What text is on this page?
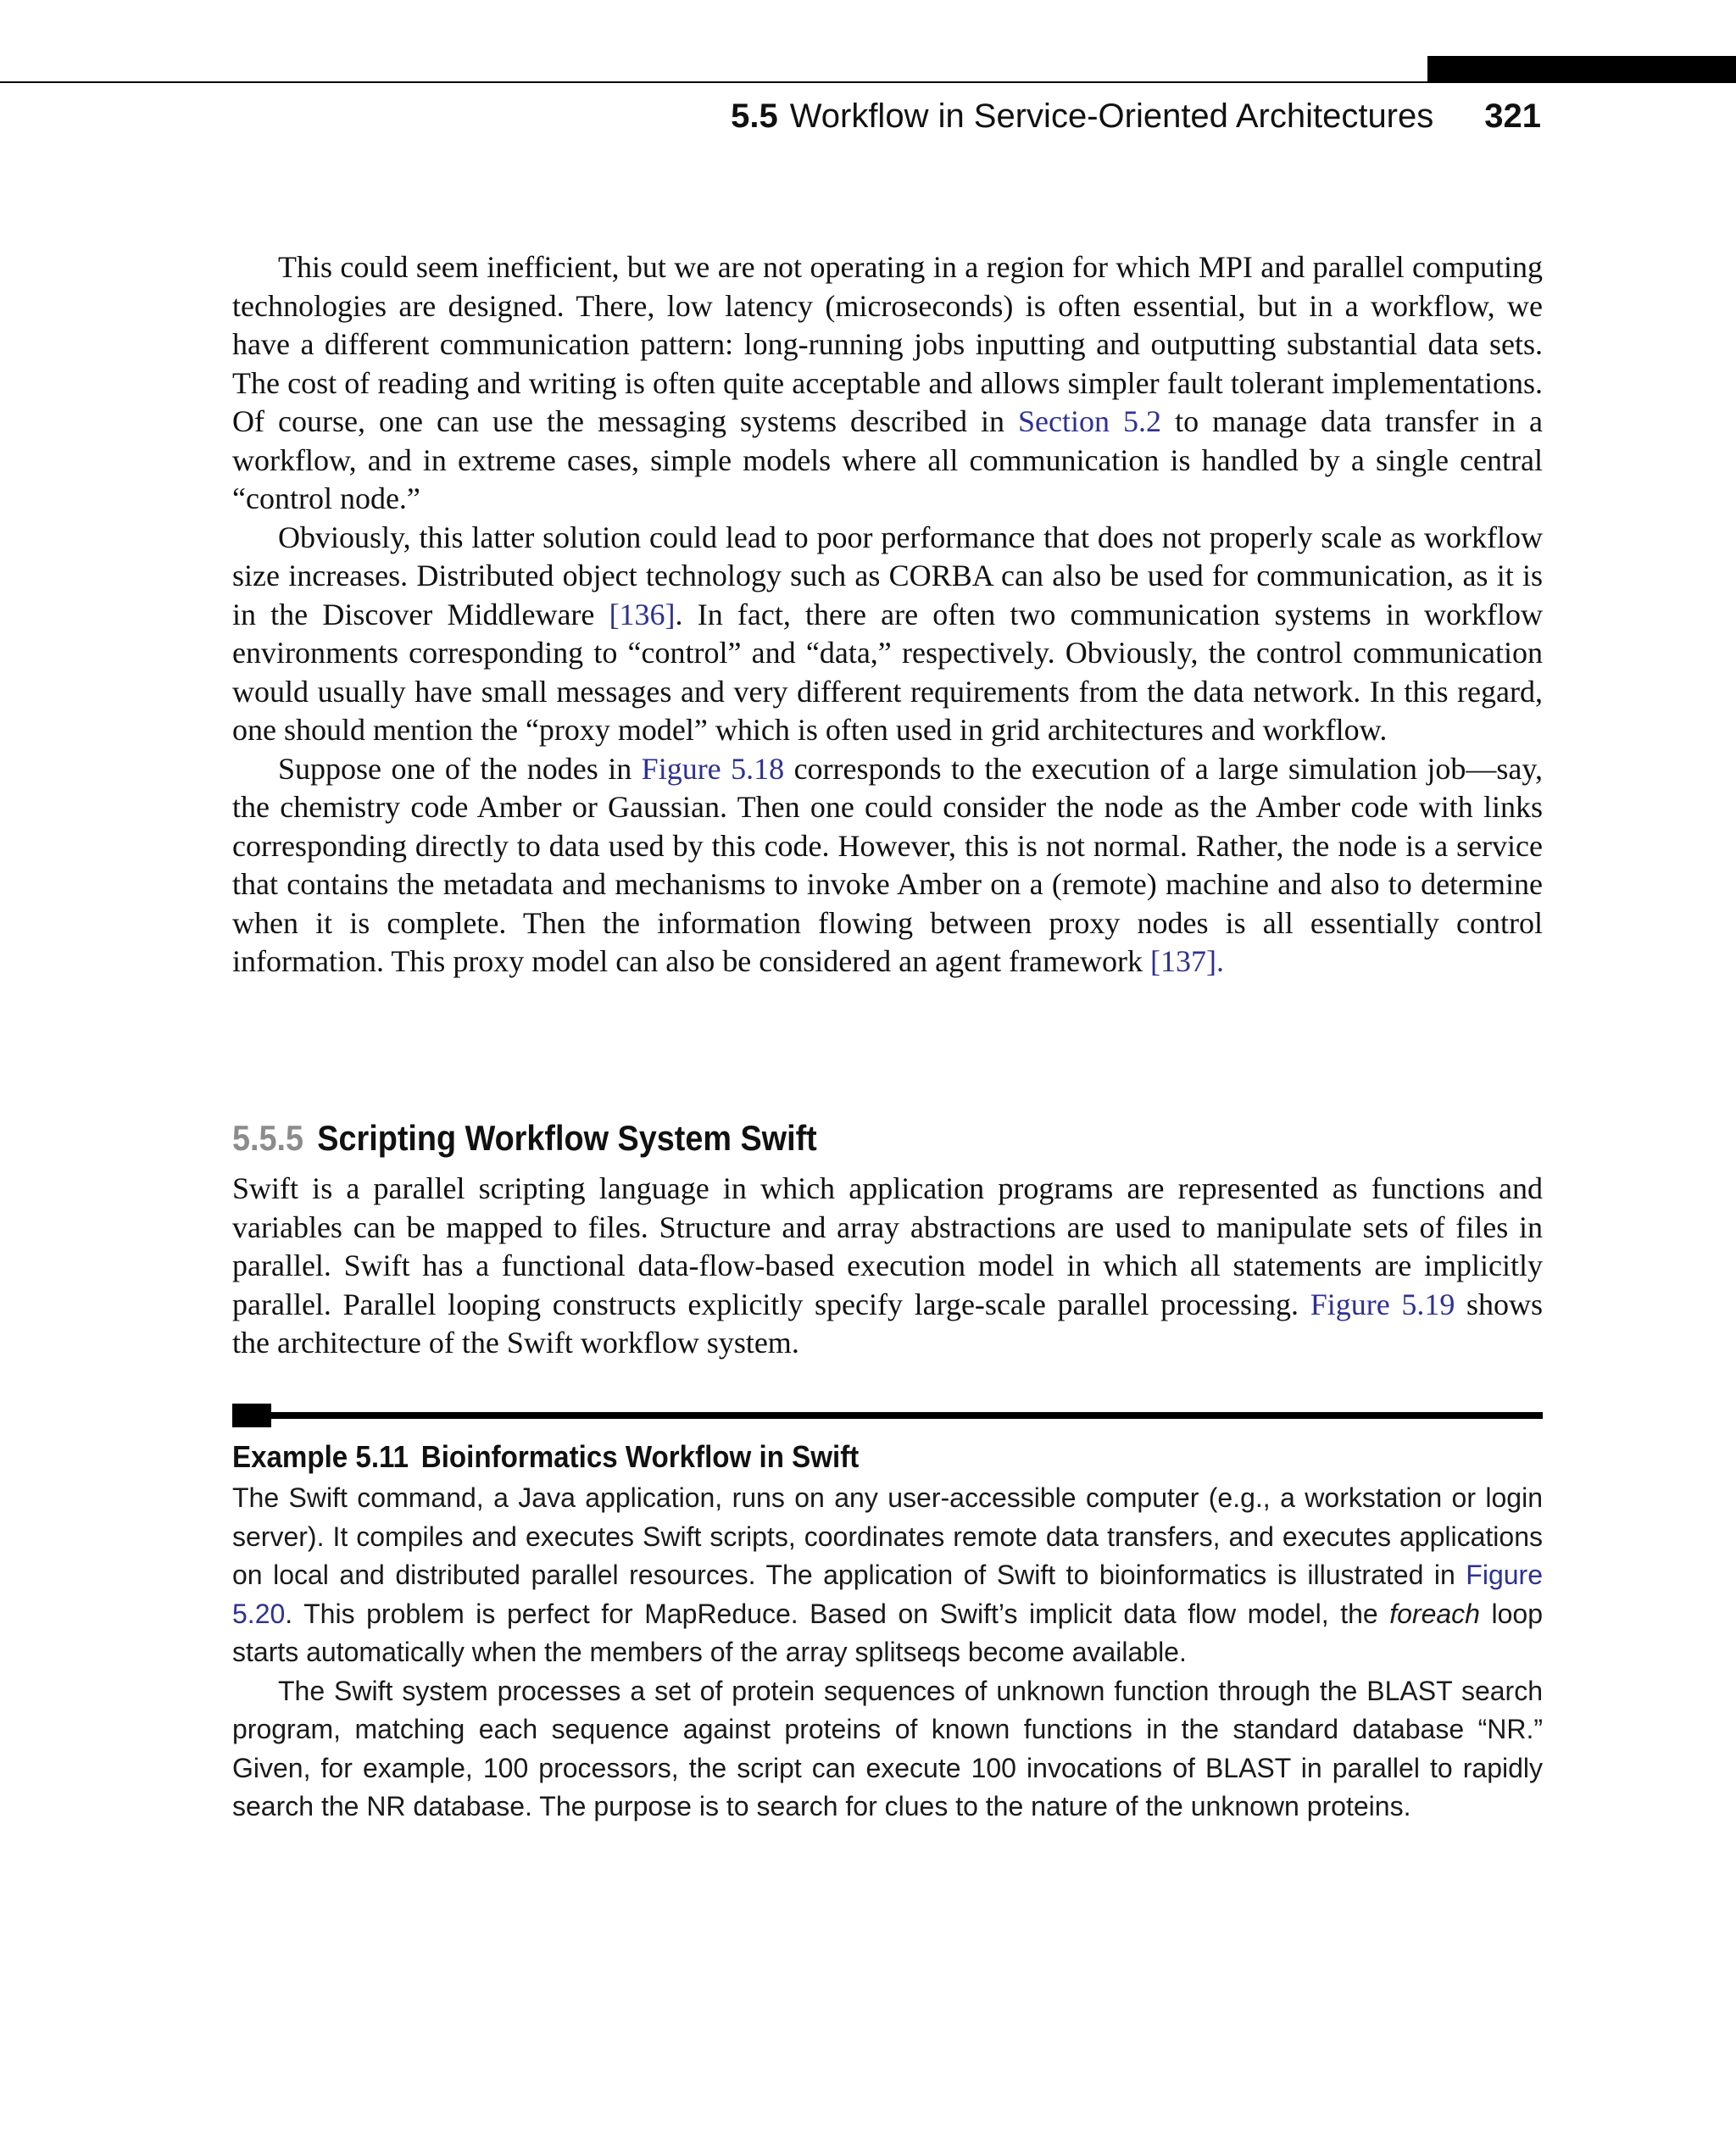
5.5 Workflow in Service-Oriented Architectures 321

This could seem inefficient, but we are not operating in a region for which MPI and parallel computing technologies are designed. There, low latency (microseconds) is often essential, but in a workflow, we have a different communication pattern: long-running jobs inputting and outputting substantial data sets. The cost of reading and writing is often quite acceptable and allows simpler fault tolerant implementations. Of course, one can use the messaging systems described in Section 5.2 to manage data transfer in a workflow, and in extreme cases, simple models where all communication is handled by a single central “control node.”

Obviously, this latter solution could lead to poor performance that does not properly scale as workflow size increases. Distributed object technology such as CORBA can also be used for communication, as it is in the Discover Middleware [136]. In fact, there are often two communication systems in workflow environments corresponding to “control” and “data,” respectively. Obviously, the control communication would usually have small messages and very different requirements from the data network. In this regard, one should mention the “proxy model” which is often used in grid architectures and workflow.

Suppose one of the nodes in Figure 5.18 corresponds to the execution of a large simulation job—say, the chemistry code Amber or Gaussian. Then one could consider the node as the Amber code with links corresponding directly to data used by this code. However, this is not normal. Rather, the node is a service that contains the metadata and mechanisms to invoke Amber on a (remote) machine and also to determine when it is complete. Then the information flowing between proxy nodes is all essentially control information. This proxy model can also be considered an agent framework [137].

5.5.5 Scripting Workflow System Swift

Swift is a parallel scripting language in which application programs are represented as functions and variables can be mapped to files. Structure and array abstractions are used to manipulate sets of files in parallel. Swift has a functional data-flow-based execution model in which all statements are implicitly parallel. Parallel looping constructs explicitly specify large-scale parallel processing. Figure 5.19 shows the architecture of the Swift workflow system.

Example 5.11 Bioinformatics Workflow in Swift

The Swift command, a Java application, runs on any user-accessible computer (e.g., a workstation or login server). It compiles and executes Swift scripts, coordinates remote data transfers, and executes applications on local and distributed parallel resources. The application of Swift to bioinformatics is illustrated in Figure 5.20. This problem is perfect for MapReduce. Based on Swift’s implicit data flow model, the foreach loop starts automatically when the members of the array splitseqs become available.

The Swift system processes a set of protein sequences of unknown function through the BLAST search program, matching each sequence against proteins of known functions in the standard database “NR.” Given, for example, 100 processors, the script can execute 100 invocations of BLAST in parallel to rapidly search the NR database. The purpose is to search for clues to the nature of the unknown proteins.
